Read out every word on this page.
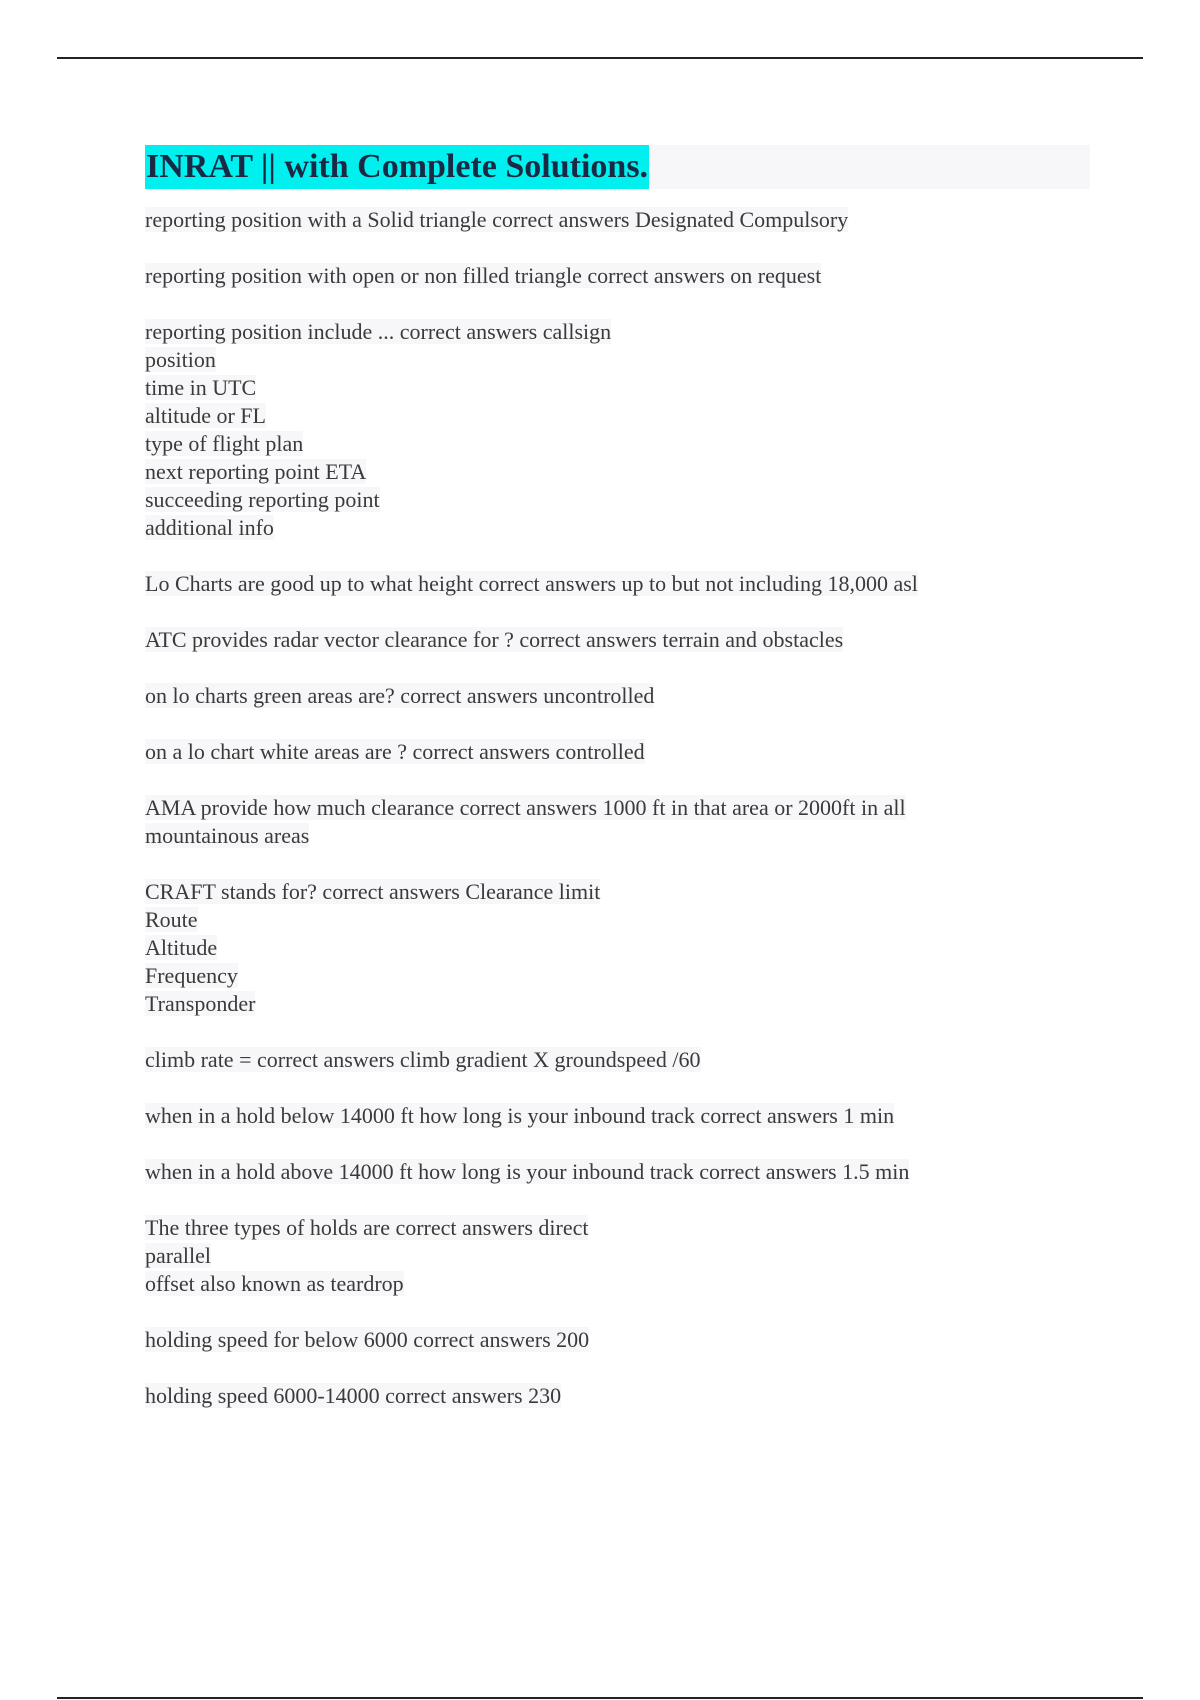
INRAT || with Complete Solutions.
reporting position with a Solid triangle correct answers Designated Compulsory
reporting position with open or non filled triangle correct answers on request
reporting position include ... correct answers callsign
position
time in UTC
altitude or FL
type of flight plan
next reporting point ETA
succeeding reporting point
additional info
Lo Charts are good up to what height correct answers up to but not including 18,000 asl
ATC provides radar vector clearance for ? correct answers terrain and obstacles
on lo charts green areas are? correct answers uncontrolled
on a lo chart white areas are ? correct answers controlled
AMA provide how much clearance correct answers 1000 ft in that area or 2000ft in all
mountainous areas
CRAFT stands for? correct answers Clearance limit
Route
Altitude
Frequency
Transponder
climb rate = correct answers climb gradient X groundspeed /60
when in a hold below 14000 ft how long is your inbound track correct answers 1 min
when in a hold above 14000 ft how long is your inbound track correct answers 1.5 min
The three types of holds are correct answers direct
parallel
offset also known as teardrop
holding speed for below 6000 correct answers 200
holding speed 6000-14000 correct answers 230
